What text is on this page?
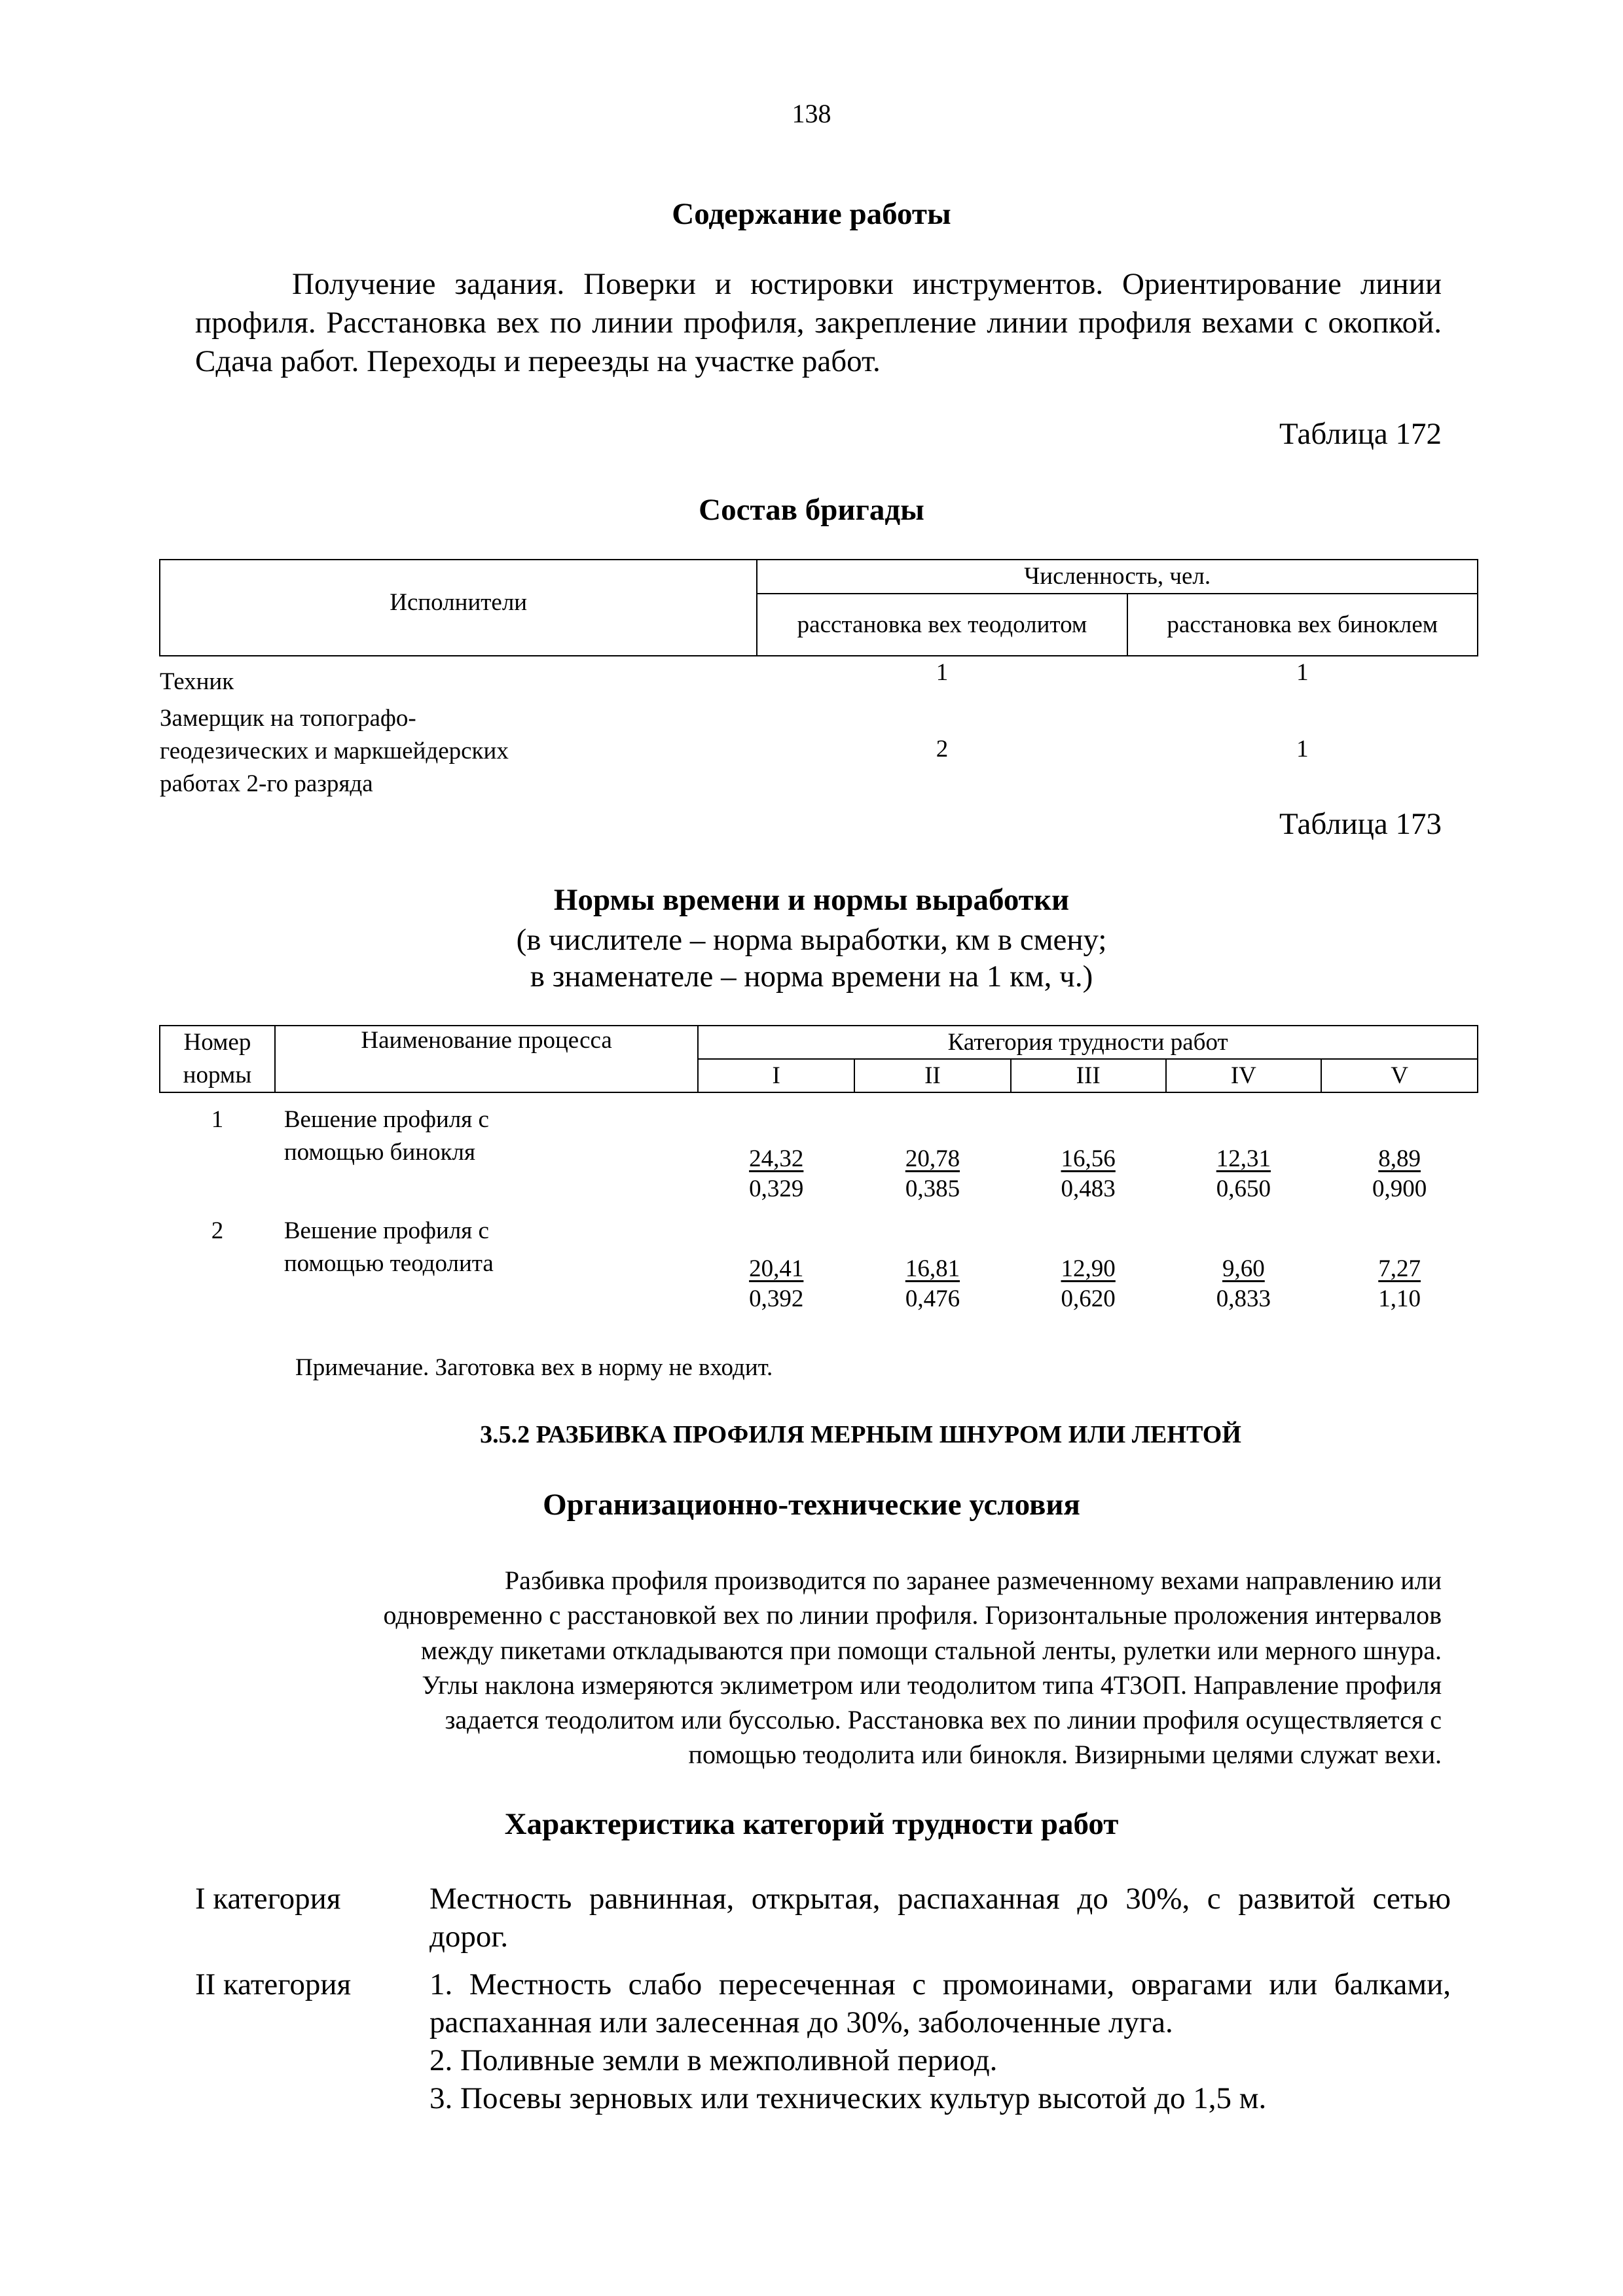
138
Содержание работы
Получение задания. Поверки и юстировки инструментов. Ориентирование линии профиля. Расстановка вех по линии профиля, закрепление линии профиля вехами с окопкой. Сдача работ. Переходы и переезды на участке работ.
Таблица 172
Состав бригады
Исполнители	Численность, чел.	
	расстановка вех теодолитом	расстановка вех биноклем
Техник	1	1
Замерщик на топографо-геодезических и маркшейдерских работах 2-го разряда	2	1
Таблица 173
Нормы времени и нормы выработки
(в числителе – норма выработки, км в смену;
в знаменателе – норма времени на 1 км, ч.)
Номер нормы	Наименование процесса	Категория трудности работ				
		I	II	III	IV	V
1	Вешение профиля с помощью бинокля	$\frac{24,32}{0,329}$	$\frac{20,78}{0,385}$	$\frac{16,56}{0,483}$	$\frac{12,31}{0,650}$	$\frac{8,89}{0,900}$
2	Вешение профиля с помощью теодолита	$\frac{20,41}{0,392}$	$\frac{16,81}{0,476}$	$\frac{12,90}{0,620}$	$\frac{9,60}{0,833}$	$\frac{7,27}{1,10}$
Примечание. Заготовка вех в норму не входит.
3.5.2 РАЗБИВКА ПРОФИЛЯ МЕРНЫМ ШНУРОМ ИЛИ ЛЕНТОЙ
Организационно-технические условия
Разбивка профиля производится по заранее размеченному вехами направлению или
одновременно с расстановкой вех по линии профиля. Горизонтальные проложения интервалов
между пикетами откладываются при помощи стальной ленты, рулетки или мерного шнура.
Углы наклона измеряются эклиметром или теодолитом типа 4Т3ОП. Направление профиля
задается теодолитом или буссолью. Расстановка вех по линии профиля осуществляется с
помощью теодолита или бинокля. Визирными целями служат вехи.
Характеристика категорий трудности работ
I категория	Местность равнинная, открытая, распаханная до 30%, с развитой сетью дорог.
II категория	1. Местность слабо пересеченная с промоинами, оврагами или балками, распаханная или залесенная до 30%, заболоченные луга.
2. Поливные земли в межполивной период.
3. Посевы зерновых или технических культур высотой до 1,5 м.
